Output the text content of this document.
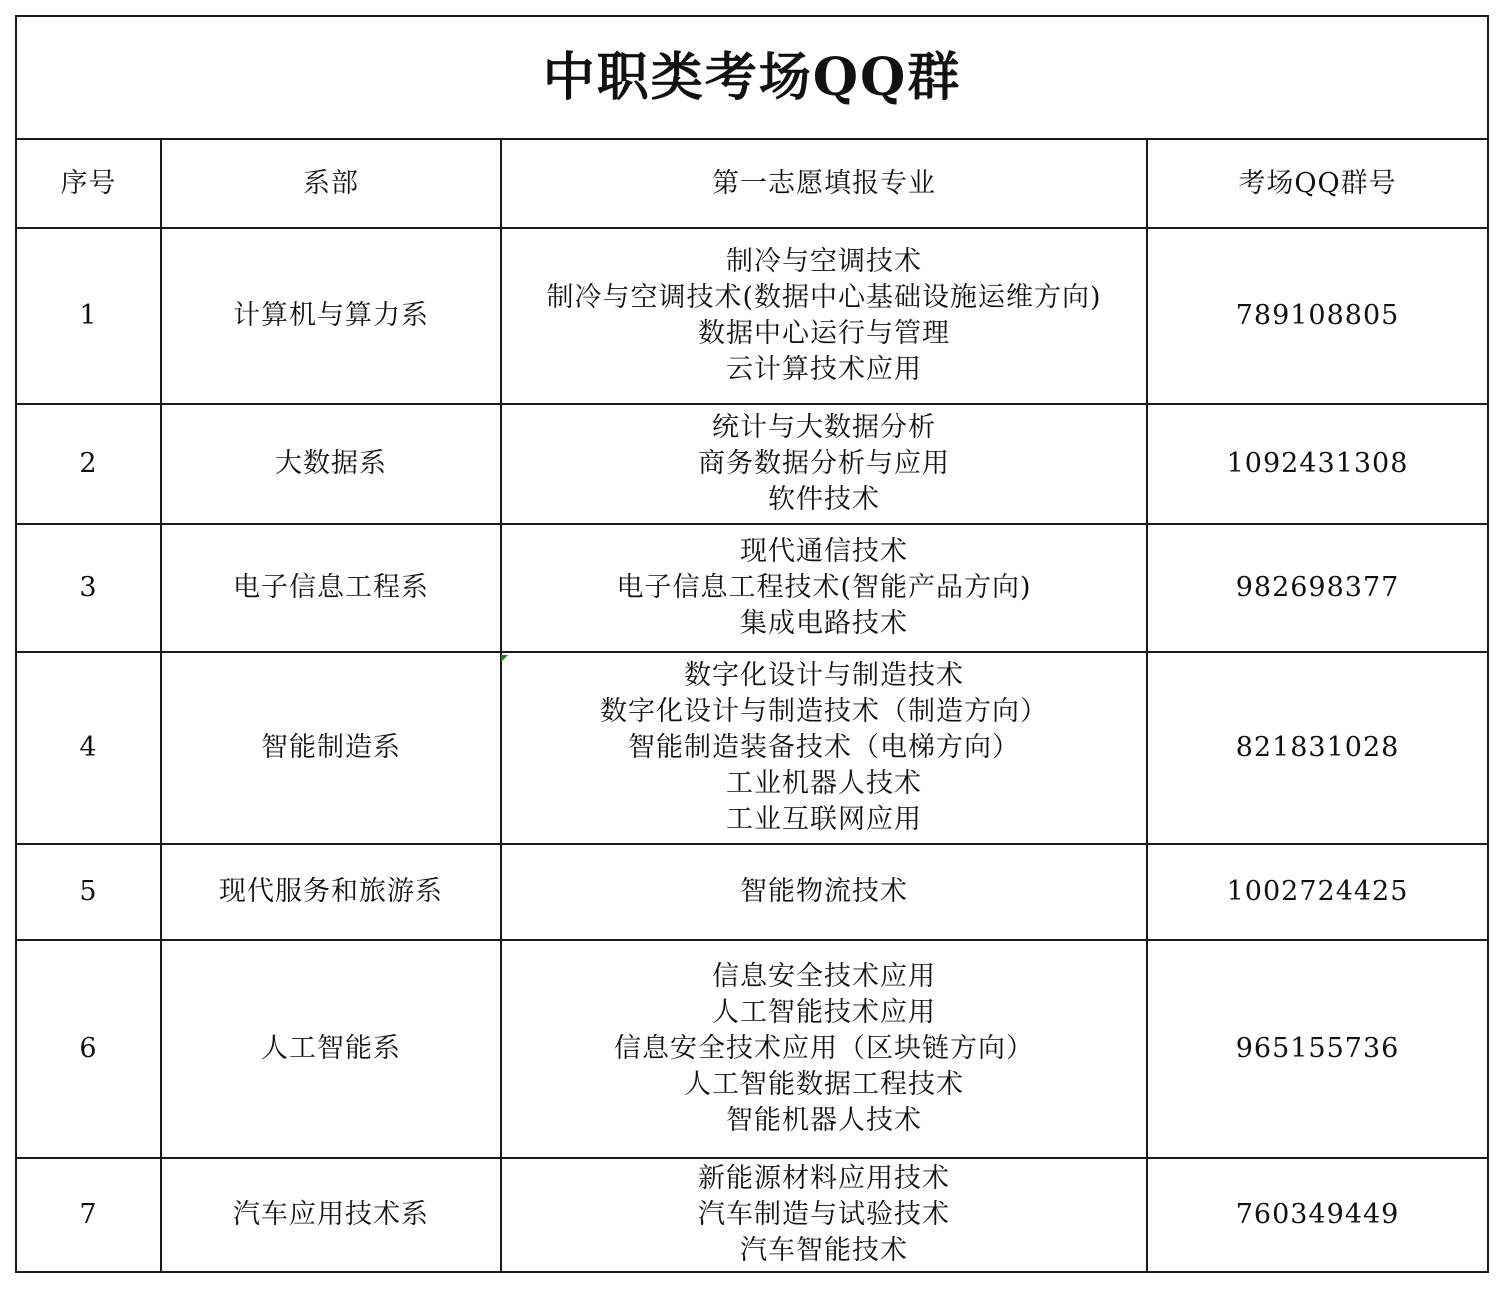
中职类考场QQ群			
序号	系部	第一志愿填报专业	考场QQ群号
1	计算机与算力系	制冷与空调技术
制冷与空调技术(数据中心基础设施运维方向)
数据中心运行与管理
云计算技术应用	789108805
2	大数据系	统计与大数据分析
商务数据分析与应用
软件技术	1092431308
3	电子信息工程系	现代通信技术
电子信息工程技术(智能产品方向)
集成电路技术	982698377
4	智能制造系	数字化设计与制造技术
数字化设计与制造技术（制造方向）
智能制造装备技术（电梯方向）
工业机器人技术
工业互联网应用	821831028
5	现代服务和旅游系	智能物流技术	1002724425
6	人工智能系	信息安全技术应用
人工智能技术应用
信息安全技术应用（区块链方向）
人工智能数据工程技术
智能机器人技术	965155736
7	汽车应用技术系	新能源材料应用技术
汽车制造与试验技术
汽车智能技术	760349449
